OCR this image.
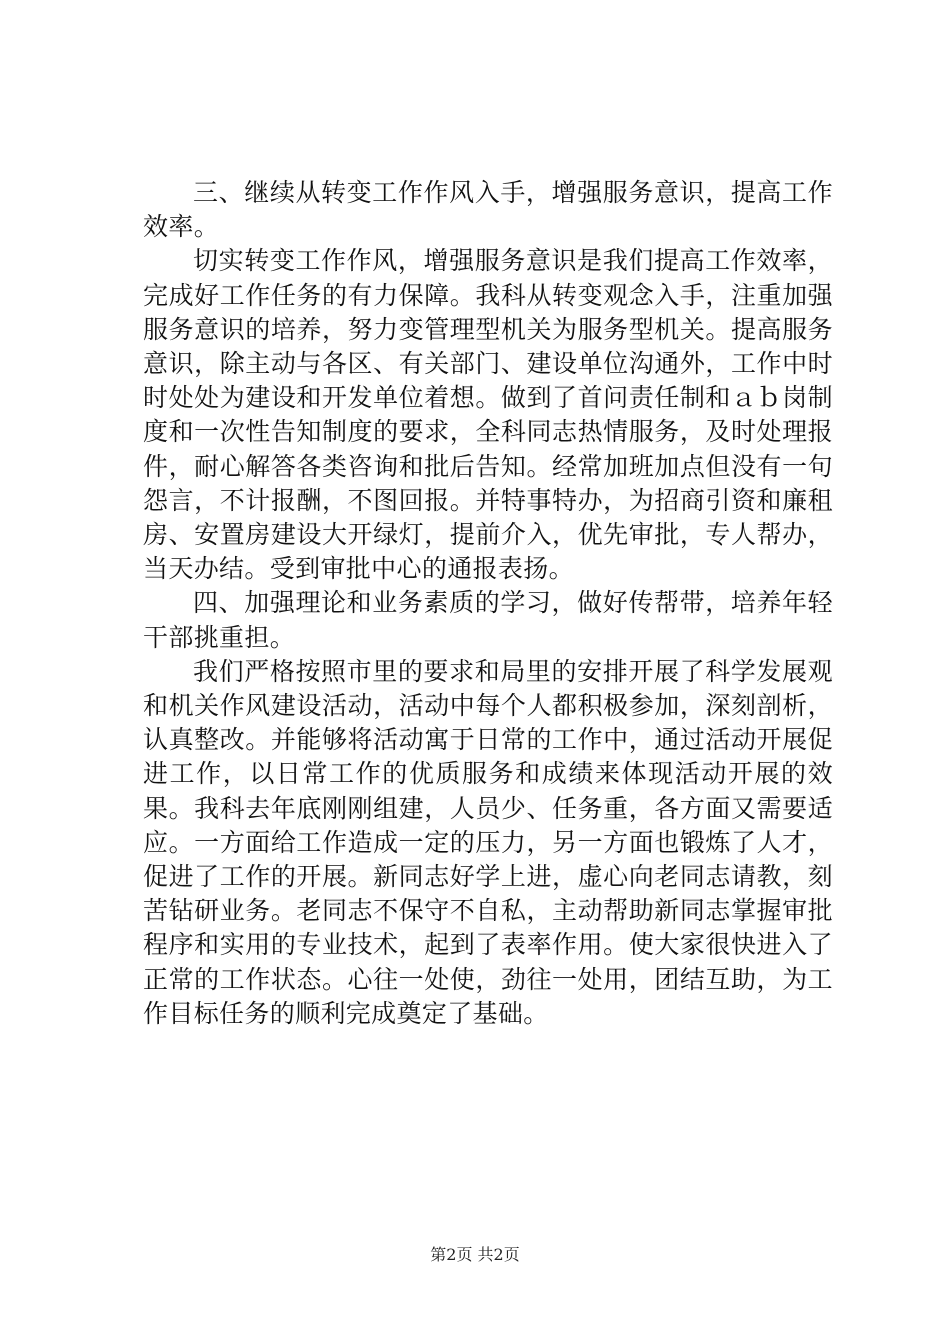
三、继续从转变工作作风入手，增强服务意识，提高工作效率。

切实转变工作作风，增强服务意识是我们提高工作效率，完成好工作任务的有力保障。我科从转变观念入手，注重加强服务意识的培养，努力变管理型机关为服务型机关。提高服务意识，除主动与各区、有关部门、建设单位沟通外，工作中时时处处为建设和开发单位着想。做到了首问责任制和ａｂ岗制度和一次性告知制度的要求，全科同志热情服务，及时处理报件，耐心解答各类咨询和批后告知。经常加班加点但没有一句怨言，不计报酬，不图回报。并特事特办，为招商引资和廉租房、安置房建设大开绿灯，提前介入，优先审批，专人帮办，当天办结。受到审批中心的通报表扬。

四、加强理论和业务素质的学习，做好传帮带，培养年轻干部挑重担。

我们严格按照市里的要求和局里的安排开展了科学发展观和机关作风建设活动，活动中每个人都积极参加，深刻剖析，认真整改。并能够将活动寓于日常的工作中，通过活动开展促进工作，以日常工作的优质服务和成绩来体现活动开展的效果。我科去年底刚刚组建，人员少、任务重，各方面又需要适应。一方面给工作造成一定的压力，另一方面也锻炼了人才，促进了工作的开展。新同志好学上进，虚心向老同志请教，刻苦钻研业务。老同志不保守不自私，主动帮助新同志掌握审批程序和实用的专业技术，起到了表率作用。使大家很快进入了正常的工作状态。心往一处使，劲往一处用，团结互助，为工作目标任务的顺利完成奠定了基础。

第2页 共2页
